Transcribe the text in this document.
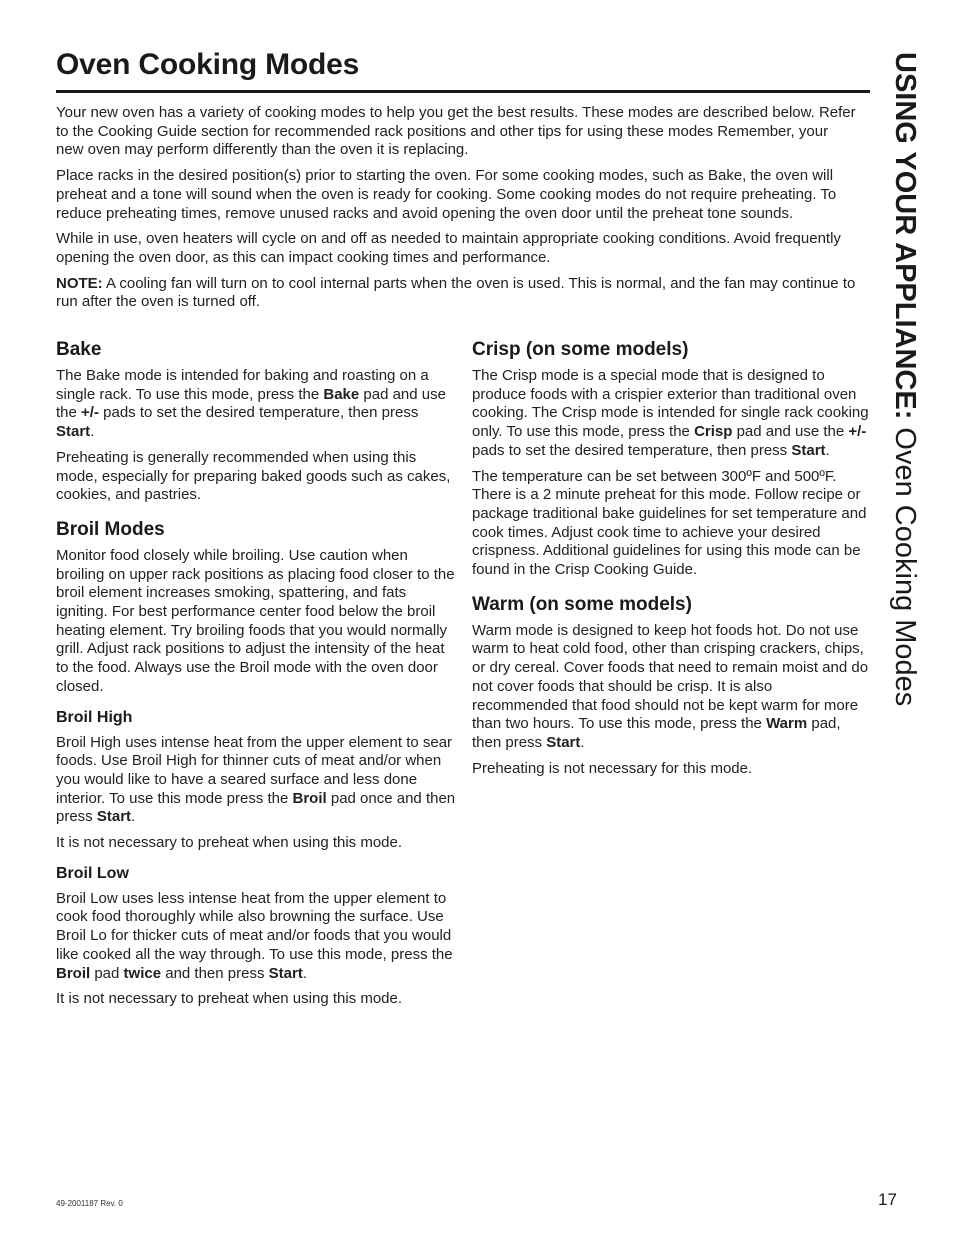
Oven Cooking Modes	USING YOUR APPLIANCE: Oven Cooking Modes

Your new oven has a variety of cooking modes to help you get the best results. These modes are described below. Refer to the Cooking Guide section for recommended rack positions and other tips for using these modes Remember, your new oven may perform differently than the oven it is replacing.

Place racks in the desired position(s) prior to starting the oven. For some cooking modes, such as Bake, the oven will preheat and a tone will sound when the oven is ready for cooking. Some cooking modes do not require preheating. To reduce preheating times, remove unused racks and avoid opening the oven door until the preheat tone sounds.

While in use, oven heaters will cycle on and off as needed to maintain appropriate cooking conditions. Avoid frequently opening the oven door, as this can impact cooking times and performance.

NOTE: A cooling fan will turn on to cool internal parts when the oven is used. This is normal, and the fan may continue to run after the oven is turned off.

Bake

The Bake mode is intended for baking and roasting on a single rack. To use this mode, press the Bake pad and use the +/- pads to set the desired temperature, then press Start.

Preheating is generally recommended when using this mode, especially for preparing baked goods such as cakes, cookies, and pastries.

Broil Modes

Monitor food closely while broiling. Use caution when broiling on upper rack positions as placing food closer to the broil element increases smoking, spattering, and fats igniting. For best performance center food below the broil heating element. Try broiling foods that you would normally grill. Adjust rack positions to adjust the intensity of the heat to the food. Always use the Broil mode with the oven door closed.

Broil High

Broil High uses intense heat from the upper element to sear foods. Use Broil High for thinner cuts of meat and/or when you would like to have a seared surface and less done interior. To use this mode press the Broil pad once and then press Start.

It is not necessary to preheat when using this mode.

Broil Low

Broil Low uses less intense heat from the upper element to cook food thoroughly while also browning the surface. Use Broil Lo for thicker cuts of meat and/or foods that you would like cooked all the way through. To use this mode, press the Broil pad twice and then press Start.

It is not necessary to preheat when using this mode.

Crisp (on some models)

The Crisp mode is a special mode that is designed to produce foods with a crispier exterior than traditional oven cooking. The Crisp mode is intended for single rack cooking only. To use this mode, press the Crisp pad and use the +/- pads to set the desired temperature, then press Start.

The temperature can be set between 300ºF and 500ºF. There is a 2 minute preheat for this mode. Follow recipe or package traditional bake guidelines for set temperature and cook times. Adjust cook time to achieve your desired crispness. Additional guidelines for using this mode can be found in the Crisp Cooking Guide.

Warm (on some models)

Warm mode is designed to keep hot foods hot. Do not use warm to heat cold food, other than crisping crackers, chips, or dry cereal. Cover foods that need to remain moist and do not cover foods that should be crisp. It is also recommended that food should not be kept warm for more than two hours. To use this mode, press the Warm pad, then press Start.

Preheating is not necessary for this mode.

49-2001187 Rev. 0	17
